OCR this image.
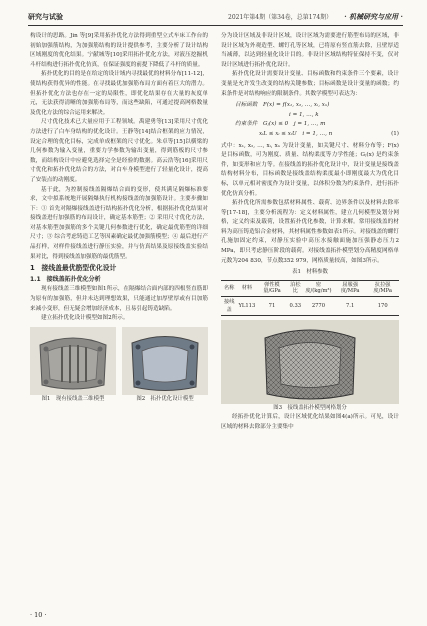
研究与试验	2021年第4期（第34卷，总第174期） · 机械研究与应用 ·

构设计的思路。Jin 等[9]采用拓扑优化方法得到重型立式车床工作台的初始加强筋结构，为加强筋结构的设计提供参考，主要分析了设计结构区域刚度的优化结果。宁献城等[10]采用拓扑优化方法，对液压挖掘机斗杆结构进行拓扑优化仿真，在保证强度的前提下降低了斗杆的质量。

拓扑优化的目的是在给定的设计域内寻找最优的材料分布[11-12]，使结构获得优异的性能。在寻找最优加强筋布局方面有着巨大的潜力。但拓扑优化方法也存在一定的局限性，即优化结果存在大量的灰度单元，无法获得清晰的加强筋布局等，而这些缺陷，可通过提高网格数量及优化方法的综合运用来解决。

尺寸优化技术已大量应用于工程领域。禹建勇等[13]采用尺寸优化方法进行了白车身结构的优化设计。王静等[14]结合框架的应力情况，设定合理的优化目标，完成单成框架的尺寸优化。朱卓等[15]以横梁的几何参数为输入变量，重要力学参数为输出变量，得到筋板的尺寸参数，而结构设计中应避免选择完全是经验的数据。高云浩等[16]采用尺寸优化和拓扑优化结合的方法，对白车身模型进行了轻量化设计，提高了安装点的动刚度。

基于此，为控制接线盖隔爆结合面的变形，使其满足隔爆标准要求，文中拟系统地开展隔爆执行机构接线盖的加强筋设计。主要步骤如下：① 首先对隔爆接线盖进行结构拓扑优化分析，根据拓扑优化结果对接线盖进行加强筋的布局设计，确定基本筋型；② 采用尺寸优化方法，对基本筋型加强筋的多个关键几何参数进行优化，确定最优筋型的详细尺寸；③ 综合考虑铸造工艺等因素确定最优加强筋模型；④ 最后进行产品打样，对样件接线盖进行静压实验，并与仿真结果及原接线盖实验结果对比，得到接线盖加强筋的最优筋型。

1　接线盖最优筋型优化设计
1.1　接线盖拓扑优化分析

现有接线盖三维模型如图1所示，在隔爆结合面内部的四根竖直筋即为原有的加强筋，但并未达到理想效果，只能通过加厚壁厚或有目加筋来减小变形，但无疑会增加经济成本，且易引起铸造缺陷。

建立拓扑优化设计模型如图2所示。

图1　现有接线盖三维模型	图2　拓扑优化设计模型

分为设计区域及非设计区域，设计区域为需要进行筋型布局的区域，非设计区域为外观造型、螺钉孔等区域，已将原有竖直筋去除，且壁厚适当减薄，以达到轻量化设计目的。非设计区域结构特征保持不变，仅对设计区域进行拓扑优化设计。

拓扑优化设计需要设计变量、目标函数和约束条件三个要素，设计变量是允许发生改变的结构关键参数；目标函数是设计变量的函数；约束条件是对结构响应的限制条件。其数学模型可表达为：

目标函数　F(x) = f(x₁, x₂, …, xᵢ, xₙ)
i = 1, …, k
约束条件　Gⱼ(x) ≤ 0　j = 1, …, m
xᵢL ≤ xᵢ ≤ xᵢU　i = 1, …, n	(1)

式中：x₁, x₂, …, xᵢ, xₙ 为设计变量，如关键尺寸、材料分布等；F(x) 是目标函数，可为刚度、质量、结构柔度等力学性能；Gⱼ(x) 是约束条件，如变形和应力等。在接线盖的拓扑优化设计中，设计变量是接线盖结构材料分布，目标函数是接线盖结构柔度最小即刚度最大为优化目标，以单元相对密度作为设计变量，以体积分数为约束条件，进行拓扑优化仿真分析。

拓扑优化所需参数包括材料属性、载荷、边界条件以及材料去除率等[17-18]，主要分析流程为：定义材料属性，建立几何模型及划分网格，定义约束及载荷，设置拓扑优化参数，计算求解。常用接线盖的材料为高压铸造铝合金材料，其材料属性参数如表1所示。对接线盖的螺钉孔施加固定约束，对静压实验中高压水接触面施加压强静态压力2 MPa，即只考虑静压阶段的载荷。对接线盖拓扑模型划分高精度网格单元数为204 830，节点数352 979，网格质量较高，如图3所示。

表1　材料参数
名称	材料	弹性模量/GPa	泊松比	密度/(kg/m³)	屈服强度/MPa	抗拉强度/MPa
接线盖	YL113	71	0.33	2770	7.1	170
图3　接线盖拓扑模型网格划分

经拓扑优化计算后，设计区域优化结果如图4(a)所示。可见，设计区域的材料去除部分主要集中

· 10 ·
